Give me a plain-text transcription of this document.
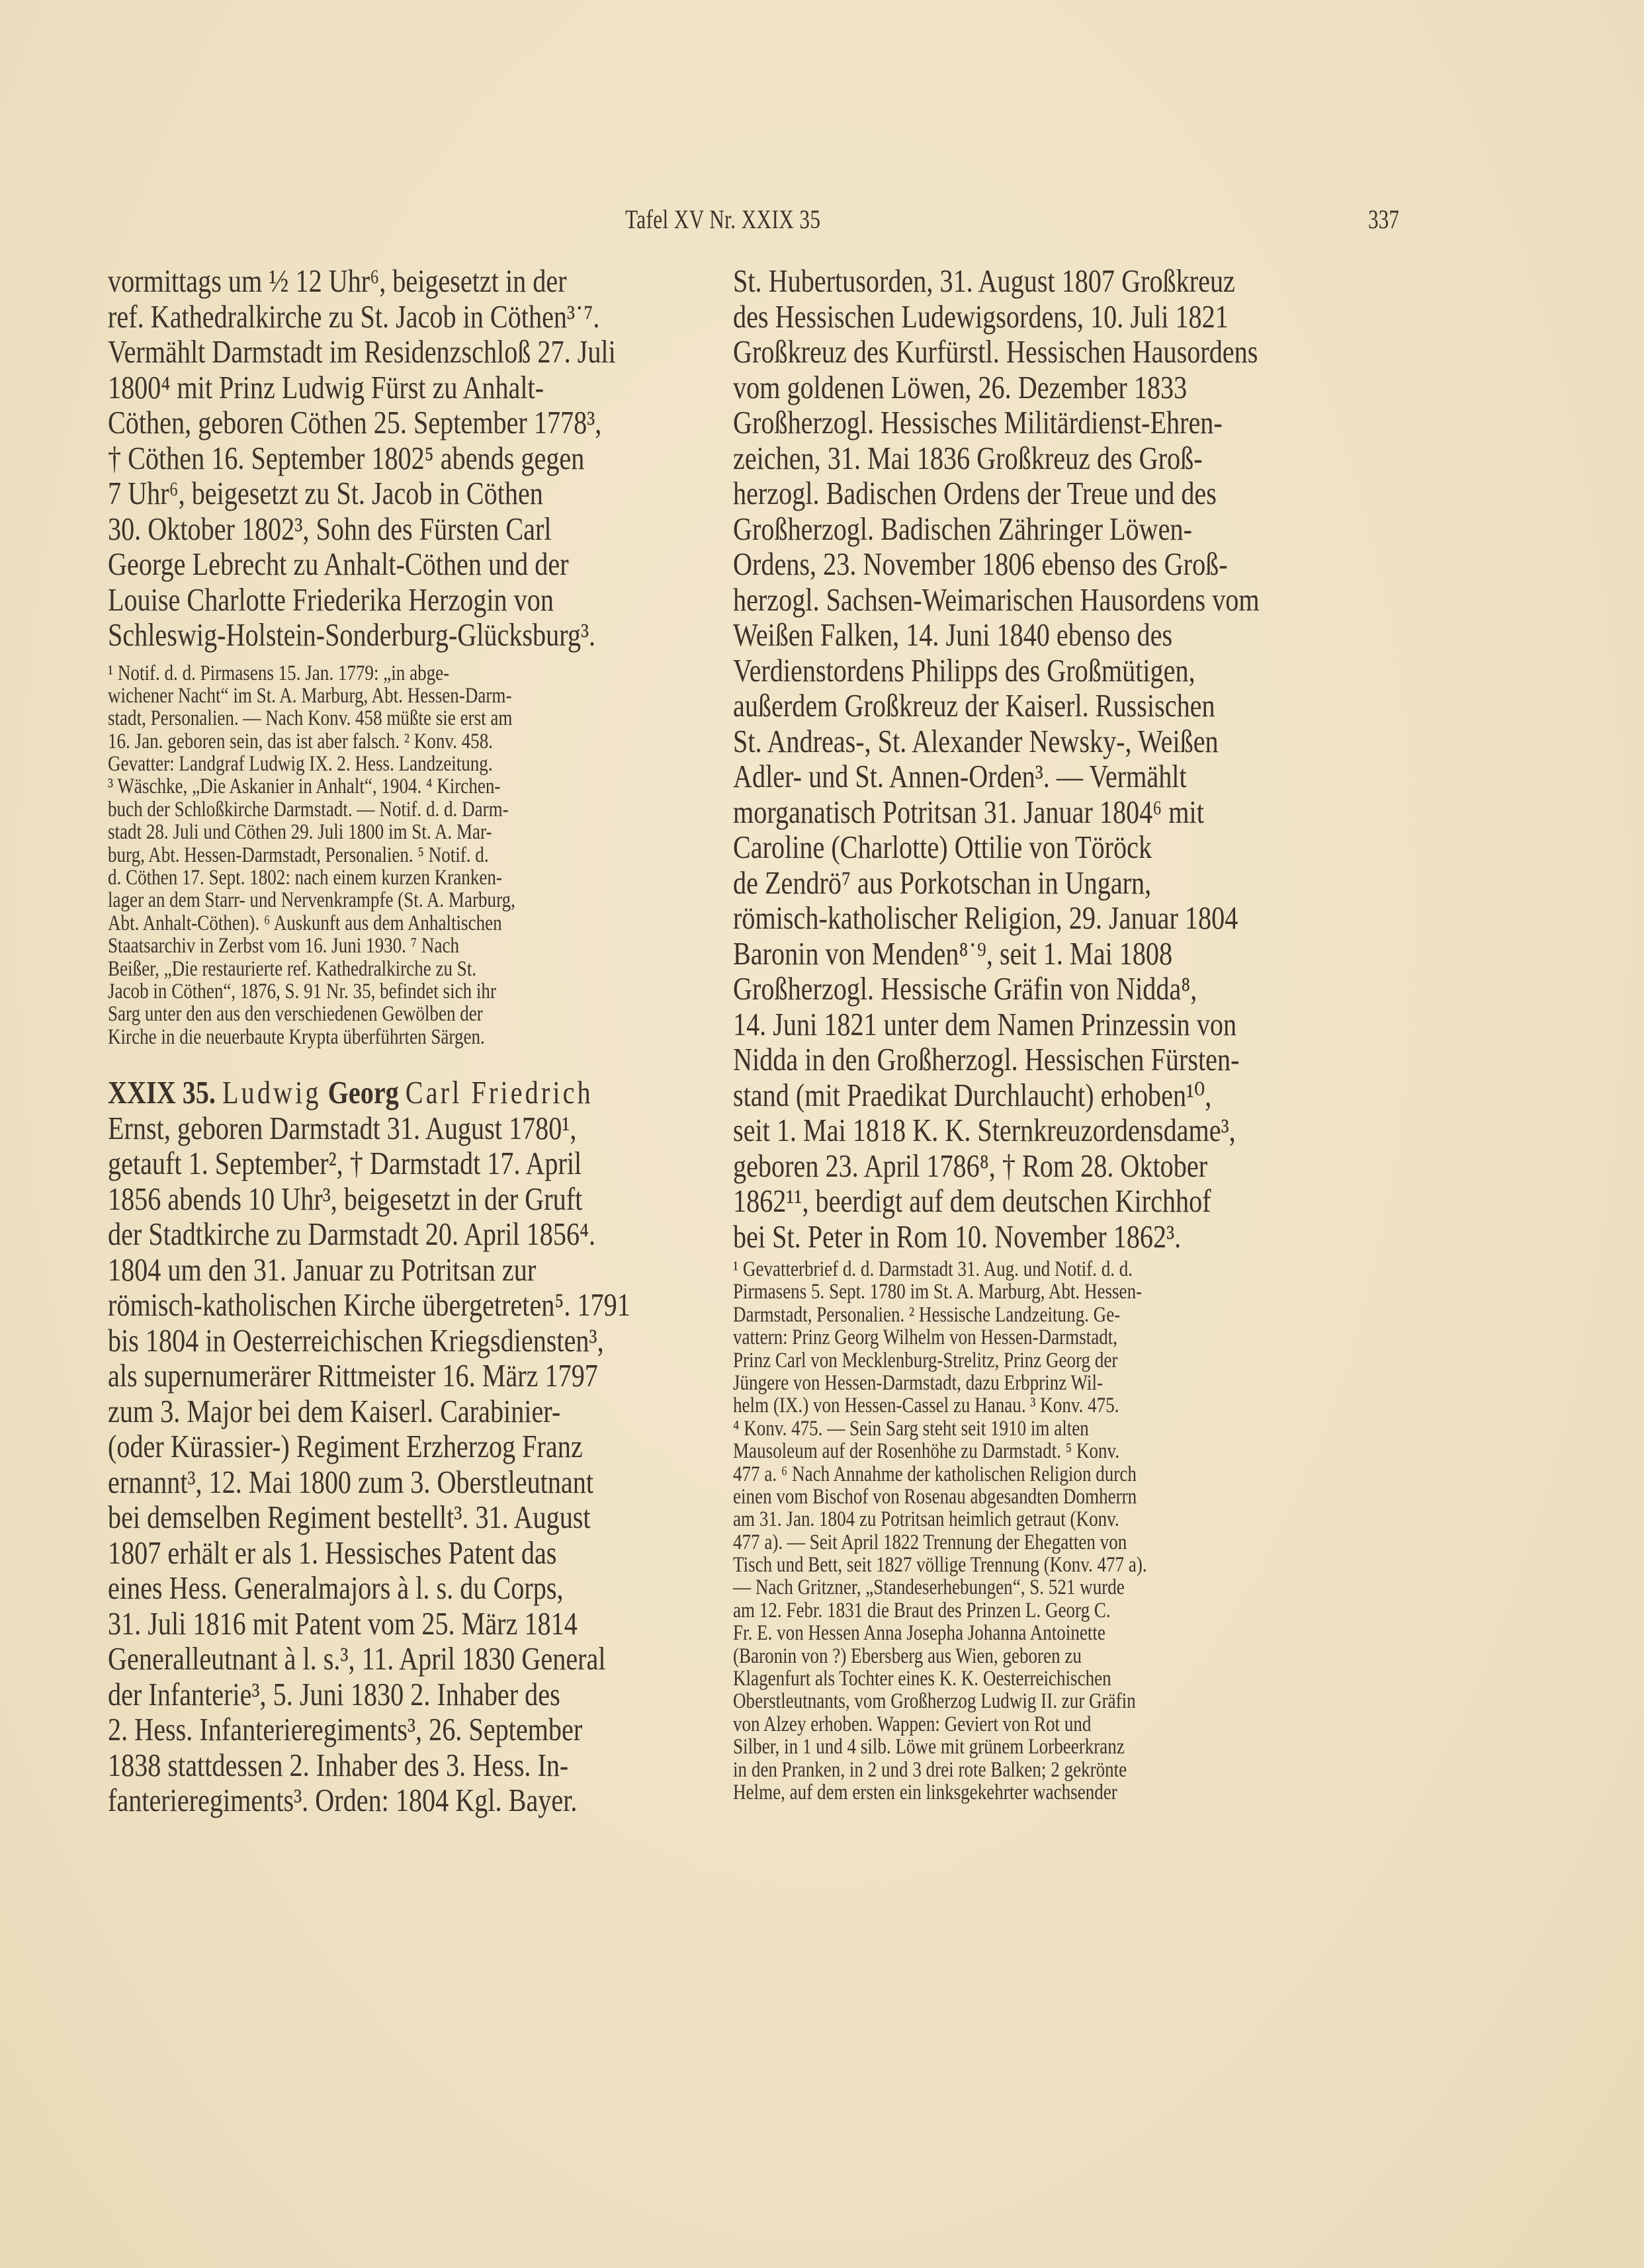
Tafel XV Nr. XXIX 35	337
vormittags um ½ 12 Uhr⁶, beigesetzt in der
ref. Kathedralkirche zu St. Jacob in Cöthen³˙⁷.
Vermählt Darmstadt im Residenzschloß 27. Juli
1800⁴ mit Prinz Ludwig Fürst zu Anhalt-
Cöthen, geboren Cöthen 25. September 1778³,
† Cöthen 16. September 1802⁵ abends gegen
7 Uhr⁶, beigesetzt zu St. Jacob in Cöthen
30. Oktober 1802³, Sohn des Fürsten Carl
George Lebrecht zu Anhalt-Cöthen und der
Louise Charlotte Friederika Herzogin von
Schleswig-Holstein-Sonderburg-Glücksburg³.
¹ Notif. d. d. Pirmasens 15. Jan. 1779: „in abge-
wichener Nacht“ im St. A. Marburg, Abt. Hessen-Darm-
stadt, Personalien. — Nach Konv. 458 müßte sie erst am
16. Jan. geboren sein, das ist aber falsch. ² Konv. 458.
Gevatter: Landgraf Ludwig IX. 2. Hess. Landzeitung.
³ Wäschke, „Die Askanier in Anhalt“, 1904. ⁴ Kirchen-
buch der Schloßkirche Darmstadt. — Notif. d. d. Darm-
stadt 28. Juli und Cöthen 29. Juli 1800 im St. A. Mar-
burg, Abt. Hessen-Darmstadt, Personalien. ⁵ Notif. d.
d. Cöthen 17. Sept. 1802: nach einem kurzen Kranken-
lager an dem Starr- und Nervenkrampfe (St. A. Marburg,
Abt. Anhalt-Cöthen). ⁶ Auskunft aus dem Anhaltischen
Staatsarchiv in Zerbst vom 16. Juni 1930. ⁷ Nach
Beißer, „Die restaurierte ref. Kathedralkirche zu St.
Jacob in Cöthen“, 1876, S. 91 Nr. 35, befindet sich ihr
Sarg unter den aus den verschiedenen Gewölben der
Kirche in die neuerbaute Krypta überführten Särgen.
XXIX 35. Ludwig Georg Carl Friedrich
Ernst, geboren Darmstadt 31. August 1780¹,
getauft 1. September², † Darmstadt 17. April
1856 abends 10 Uhr³, beigesetzt in der Gruft
der Stadtkirche zu Darmstadt 20. April 1856⁴.
1804 um den 31. Januar zu Potritsan zur
römisch-katholischen Kirche übergetreten⁵. 1791
bis 1804 in Oesterreichischen Kriegsdiensten³,
als supernumerärer Rittmeister 16. März 1797
zum 3. Major bei dem Kaiserl. Carabinier-
(oder Kürassier-) Regiment Erzherzog Franz
ernannt³, 12. Mai 1800 zum 3. Oberstleutnant
bei demselben Regiment bestellt³. 31. August
1807 erhält er als 1. Hessisches Patent das
eines Hess. Generalmajors à l. s. du Corps,
31. Juli 1816 mit Patent vom 25. März 1814
Generalleutnant à l. s.³, 11. April 1830 General
der Infanterie³, 5. Juni 1830 2. Inhaber des
2. Hess. Infanterieregiments³, 26. September
1838 stattdessen 2. Inhaber des 3. Hess. In-
fanterieregiments³. Orden: 1804 Kgl. Bayer.
St. Hubertusorden, 31. August 1807 Großkreuz
des Hessischen Ludewigsordens, 10. Juli 1821
Großkreuz des Kurfürstl. Hessischen Hausordens
vom goldenen Löwen, 26. Dezember 1833
Großherzogl. Hessisches Militärdienst-Ehren-
zeichen, 31. Mai 1836 Großkreuz des Groß-
herzogl. Badischen Ordens der Treue und des
Großherzogl. Badischen Zähringer Löwen-
Ordens, 23. November 1806 ebenso des Groß-
herzogl. Sachsen-Weimarischen Hausordens vom
Weißen Falken, 14. Juni 1840 ebenso des
Verdienstordens Philipps des Großmütigen,
außerdem Großkreuz der Kaiserl. Russischen
St. Andreas-, St. Alexander Newsky-, Weißen
Adler- und St. Annen-Orden³. — Vermählt
morganatisch Potritsan 31. Januar 1804⁶ mit
Caroline (Charlotte) Ottilie von Töröck
de Zendrö⁷ aus Porkotschan in Ungarn,
römisch-katholischer Religion, 29. Januar 1804
Baronin von Menden⁸˙⁹, seit 1. Mai 1808
Großherzogl. Hessische Gräfin von Nidda⁸,
14. Juni 1821 unter dem Namen Prinzessin von
Nidda in den Großherzogl. Hessischen Fürsten-
stand (mit Praedikat Durchlaucht) erhoben¹⁰,
seit 1. Mai 1818 K. K. Sternkreuzordensdame³,
geboren 23. April 1786⁸, † Rom 28. Oktober
1862¹¹, beerdigt auf dem deutschen Kirchhof
bei St. Peter in Rom 10. November 1862³.
¹ Gevatterbrief d. d. Darmstadt 31. Aug. und Notif. d. d.
Pirmasens 5. Sept. 1780 im St. A. Marburg, Abt. Hessen-
Darmstadt, Personalien. ² Hessische Landzeitung. Ge-
vattern: Prinz Georg Wilhelm von Hessen-Darmstadt,
Prinz Carl von Mecklenburg-Strelitz, Prinz Georg der
Jüngere von Hessen-Darmstadt, dazu Erbprinz Wil-
helm (IX.) von Hessen-Cassel zu Hanau. ³ Konv. 475.
⁴ Konv. 475. — Sein Sarg steht seit 1910 im alten
Mausoleum auf der Rosenhöhe zu Darmstadt. ⁵ Konv.
477 a. ⁶ Nach Annahme der katholischen Religion durch
einen vom Bischof von Rosenau abgesandten Domherrn
am 31. Jan. 1804 zu Potritsan heimlich getraut (Konv.
477 a). — Seit April 1822 Trennung der Ehegatten von
Tisch und Bett, seit 1827 völlige Trennung (Konv. 477 a).
— Nach Gritzner, „Standeserhebungen“, S. 521 wurde
am 12. Febr. 1831 die Braut des Prinzen L. Georg C.
Fr. E. von Hessen Anna Josepha Johanna Antoinette
(Baronin von ?) Ebersberg aus Wien, geboren zu
Klagenfurt als Tochter eines K. K. Oesterreichischen
Oberstleutnants, vom Großherzog Ludwig II. zur Gräfin
von Alzey erhoben. Wappen: Geviert von Rot und
Silber, in 1 und 4 silb. Löwe mit grünem Lorbeerkranz
in den Pranken, in 2 und 3 drei rote Balken; 2 gekrönte
Helme, auf dem ersten ein linksgekehrter wachsender
